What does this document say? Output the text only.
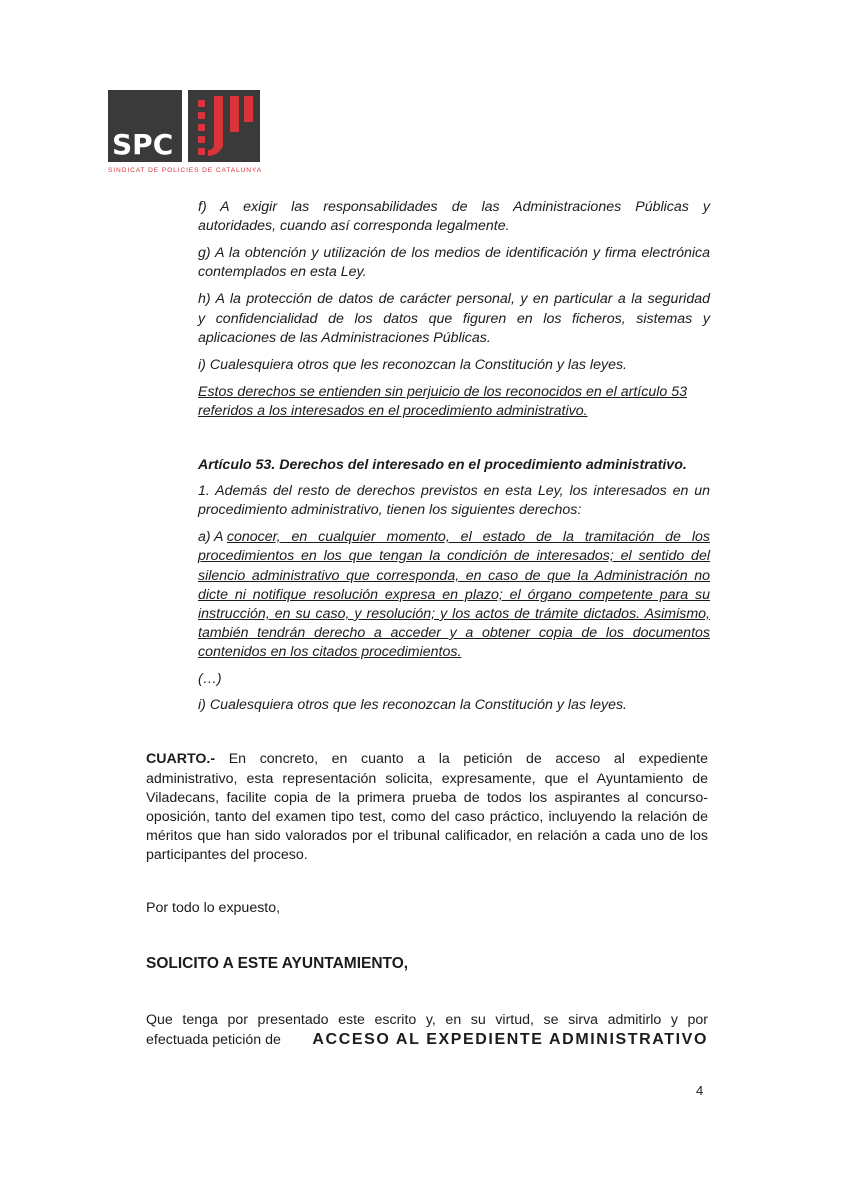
SPC
SINDICAT DE POLICIES DE CATALUNYA

f) A exigir las responsabilidades de las Administraciones Públicas y

autoridades, cuando así corresponda legalmente.

g) A la obtención y utilización de los medios de identificación y firma electrónica

contemplados en esta Ley.

h) A la protección de datos de carácter personal, y en particular a la seguridad

y confidencialidad de los datos que figuren en los ficheros, sistemas y

aplicaciones de las Administraciones Públicas.

i) Cualesquiera otros que les reconozcan la Constitución y las leyes.

Estos derechos se entienden sin perjuicio de los reconocidos en el artículo 53

referidos a los interesados en el procedimiento administrativo.

Artículo 53. Derechos del interesado en el procedimiento administrativo.

1. Además del resto de derechos previstos en esta Ley, los interesados en un

procedimiento administrativo, tienen los siguientes derechos:

a) A conocer, en cualquier momento, el estado de la tramitación de los

procedimientos en los que tengan la condición de interesados; el sentido del

silencio administrativo que corresponda, en caso de que la Administración no

dicte ni notifique resolución expresa en plazo; el órgano competente para su

instrucción, en su caso, y resolución; y los actos de trámite dictados. Asimismo,

también tendrán derecho a acceder y a obtener copia de los documentos

contenidos en los citados procedimientos.

(…)

i) Cualesquiera otros que les reconozcan la Constitución y las leyes.

CUARTO.- En concreto, en cuanto a la petición de acceso al expediente

administrativo, esta representación solicita, expresamente, que el Ayuntamiento de

Viladecans, facilite copia de la primera prueba de todos los aspirantes al concurso-

oposición, tanto del examen tipo test, como del caso práctico, incluyendo la relación de

méritos que han sido valorados por el tribunal calificador, en relación a cada uno de los

participantes del proceso.

Por todo lo expuesto,

SOLICITO A ESTE AYUNTAMIENTO,

Que tenga por presentado este escrito y, en su virtud, se sirva admitirlo y por

efectuada petición de ACCESO AL EXPEDIENTE ADMINISTRATIVO

4
